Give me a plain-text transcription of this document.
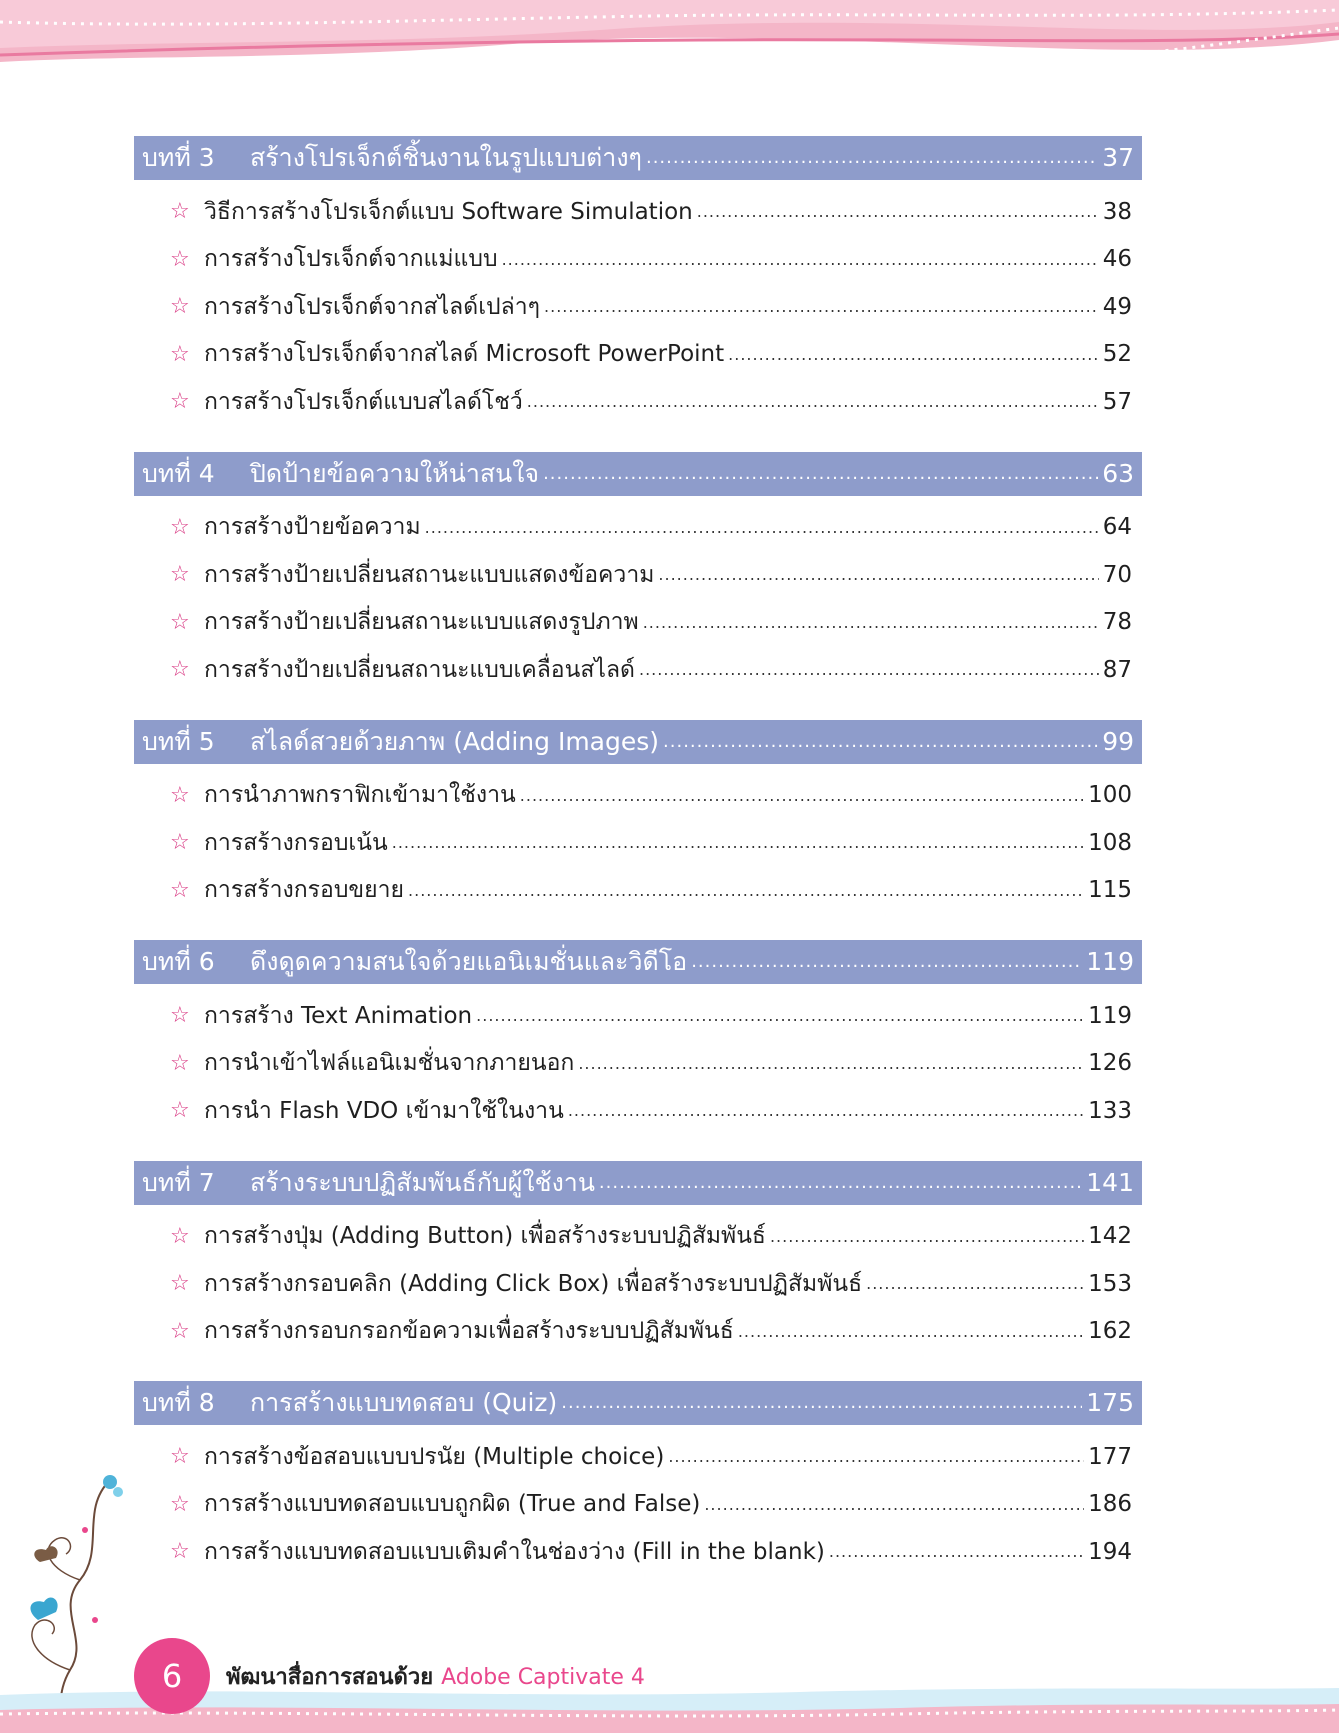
บทที่ 3	สร้างโปรเจ็กต์ชิ้นงานในรูปแบบต่างๆ .....	37
☆ วิธีการสร้างโปรเจ็กต์แบบ Software Simulation .....	38
☆ การสร้างโปรเจ็กต์จากแม่แบบ .....	46
☆ การสร้างโปรเจ็กต์จากสไลด์เปล่าๆ .....	49
☆ การสร้างโปรเจ็กต์จากสไลด์ Microsoft PowerPoint .....	52
☆ การสร้างโปรเจ็กต์แบบสไลด์โชว์ .....	57
บทที่ 4	ปิดป้ายข้อความให้น่าสนใจ .....	63
☆ การสร้างป้ายข้อความ .....	64
☆ การสร้างป้ายเปลี่ยนสถานะแบบแสดงข้อความ .....	70
☆ การสร้างป้ายเปลี่ยนสถานะแบบแสดงรูปภาพ .....	78
☆ การสร้างป้ายเปลี่ยนสถานะแบบเคลื่อนสไลด์ .....	87
บทที่ 5	สไลด์สวยด้วยภาพ (Adding Images) .....	99
☆ การนำภาพกราฟิกเข้ามาใช้งาน .....	100
☆ การสร้างกรอบเน้น .....	108
☆ การสร้างกรอบขยาย .....	115
บทที่ 6	ดึงดูดความสนใจด้วยแอนิเมชั่นและวิดีโอ .....	119
☆ การสร้าง Text Animation .....	119
☆ การนำเข้าไฟล์แอนิเมชั่นจากภายนอก .....	126
☆ การนำ Flash VDO เข้ามาใช้ในงาน .....	133
บทที่ 7	สร้างระบบปฏิสัมพันธ์กับผู้ใช้งาน .....	141
☆ การสร้างปุ่ม (Adding Button) เพื่อสร้างระบบปฏิสัมพันธ์ .....	142
☆ การสร้างกรอบคลิก (Adding Click Box) เพื่อสร้างระบบปฏิสัมพันธ์ .....	153
☆ การสร้างกรอบกรอกข้อความเพื่อสร้างระบบปฏิสัมพันธ์ .....	162
บทที่ 8	การสร้างแบบทดสอบ (Quiz) .....	175
☆ การสร้างข้อสอบแบบปรนัย (Multiple choice) .....	177
☆ การสร้างแบบทดสอบแบบถูกผิด (True and False) .....	186
☆ การสร้างแบบทดสอบแบบเติมคำในช่องว่าง (Fill in the blank) .....	194
6 พัฒนาสื่อการสอนด้วย Adobe Captivate 4
